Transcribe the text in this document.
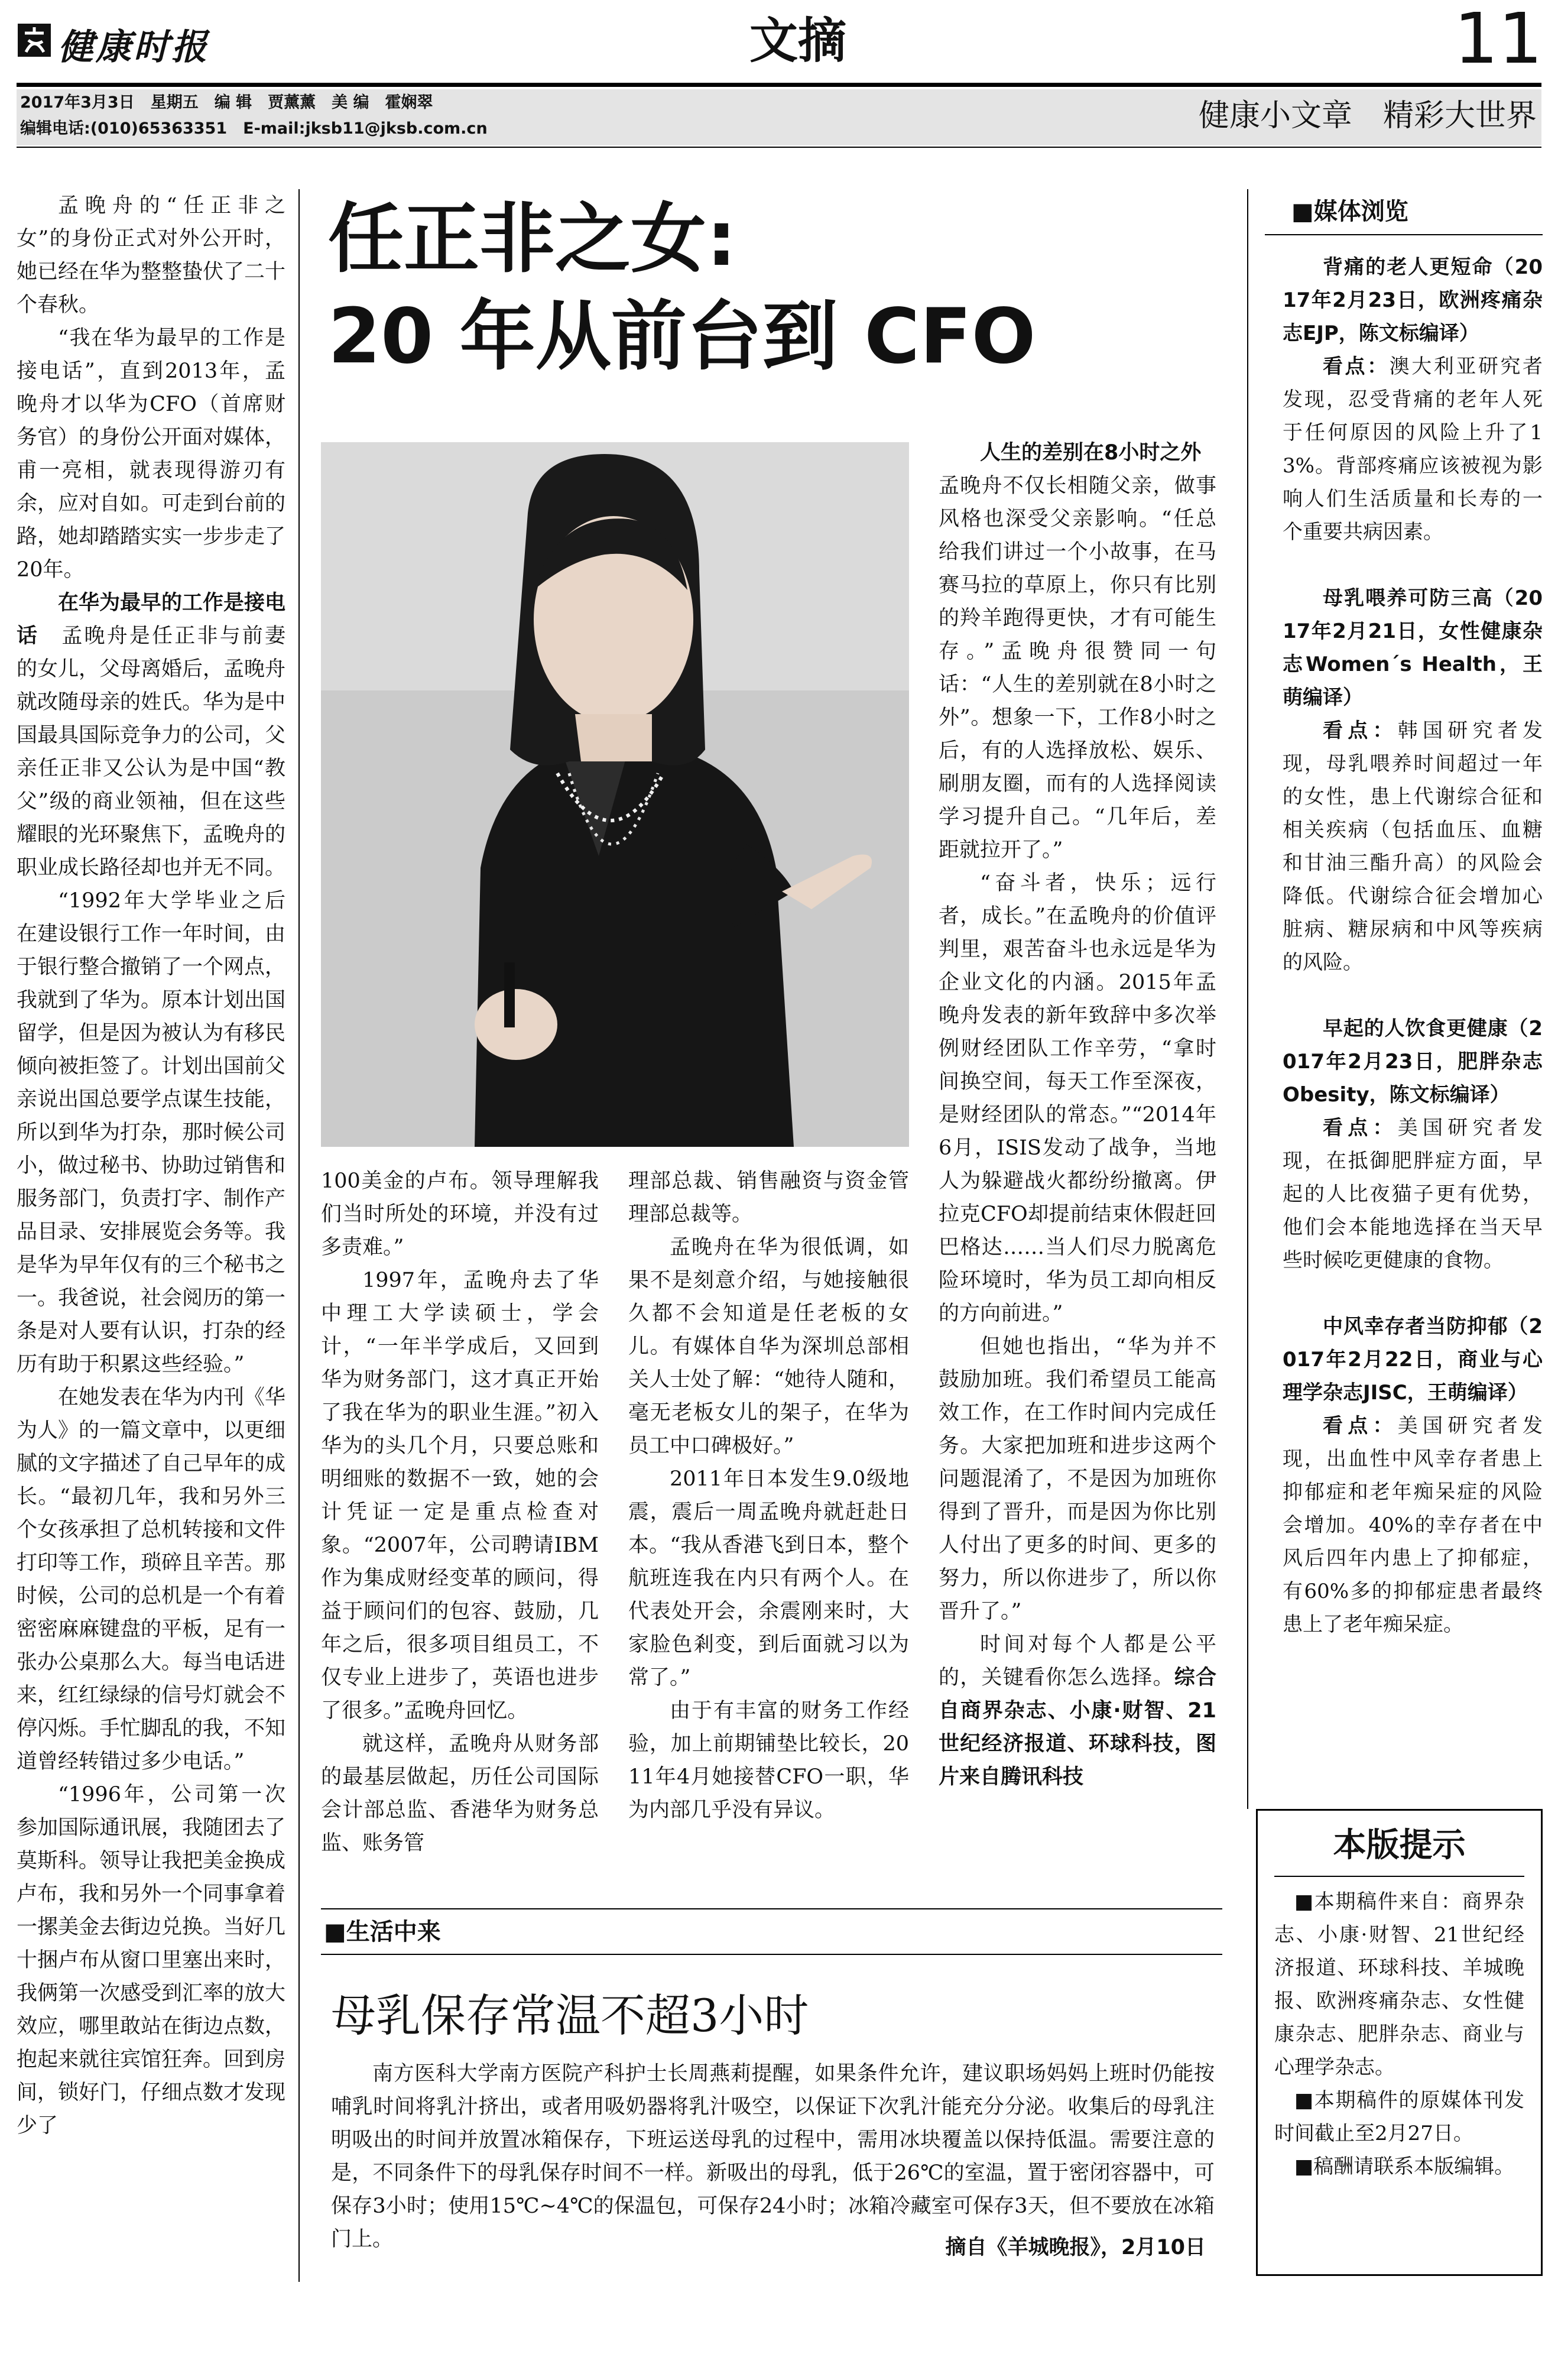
健康时报	文摘	11
2017年3月3日　星期五　编 辑　贾薰薰　美 编　霍娴翠
编辑电话:(010)65363351　E-mail:jksb11@jksb.com.cn	健康小文章　精彩大世界
任正非之女:
20 年从前台到 CFO

孟晚舟的“任正非之女”的身份正式对外公开时，她已经在华为整整蛰伏了二十个春秋。

“我在华为最早的工作是接电话”，直到2013年，孟晚舟才以华为CFO（首席财务官）的身份公开面对媒体，甫一亮相，就表现得游刃有余，应对自如。可走到台前的路，她却踏踏实实一步步走了20年。

在华为最早的工作是接电话　孟晚舟是任正非与前妻的女儿，父母离婚后，孟晚舟就改随母亲的姓氏。华为是中国最具国际竞争力的公司，父亲任正非又公认为是中国“教父”级的商业领袖，但在这些耀眼的光环聚焦下，孟晚舟的职业成长路径却也并无不同。

“1992年大学毕业之后在建设银行工作一年时间，由于银行整合撤销了一个网点，我就到了华为。原本计划出国留学，但是因为被认为有移民倾向被拒签了。计划出国前父亲说出国总要学点谋生技能，所以到华为打杂，那时候公司小，做过秘书、协助过销售和服务部门，负责打字、制作产品目录、安排展览会务等。我是华为早年仅有的三个秘书之一。我爸说，社会阅历的第一条是对人要有认识，打杂的经历有助于积累这些经验。”

在她发表在华为内刊《华为人》的一篇文章中，以更细腻的文字描述了自己早年的成长。“最初几年，我和另外三个女孩承担了总机转接和文件打印等工作，琐碎且辛苦。那时候，公司的总机是一个有着密密麻麻键盘的平板，足有一张办公桌那么大。每当电话进来，红红绿绿的信号灯就会不停闪烁。手忙脚乱的我，不知道曾经转错过多少电话。”

“1996年，公司第一次参加国际通讯展，我随团去了莫斯科。领导让我把美金换成卢布，我和另外一个同事拿着一摞美金去街边兑换。当好几十捆卢布从窗口里塞出来时，我俩第一次感受到汇率的放大效应，哪里敢站在街边点数，抱起来就往宾馆狂奔。回到房间，锁好门，仔细点数才发现少了

100美金的卢布。领导理解我们当时所处的环境，并没有过多责难。”

1997年，孟晚舟去了华中理工大学读硕士，学会计，“一年半学成后，又回到华为财务部门，这才真正开始了我在华为的职业生涯。”初入华为的头几个月，只要总账和明细账的数据不一致，她的会计凭证一定是重点检查对象。“2007年，公司聘请IBM作为集成财经变革的顾问，得益于顾问们的包容、鼓励，几年之后，很多项目组员工，不仅专业上进步了，英语也进步了很多。”孟晚舟回忆。

就这样，孟晚舟从财务部的最基层做起，历任公司国际会计部总监、香港华为财务总监、账务管

理部总裁、销售融资与资金管理部总裁等。

孟晚舟在华为很低调，如果不是刻意介绍，与她接触很久都不会知道是任老板的女儿。有媒体自华为深圳总部相关人士处了解：“她待人随和，毫无老板女儿的架子，在华为员工中口碑极好。”

2011年日本发生9.0级地震，震后一周孟晚舟就赶赴日本。“我从香港飞到日本，整个航班连我在内只有两个人。在代表处开会，余震刚来时，大家脸色剎变，到后面就习以为常了。”

由于有丰富的财务工作经验，加上前期铺垫比较长，2011年4月她接替CFO一职，华为内部几乎没有异议。

人生的差别在8小时之外　孟晚舟不仅长相随父亲，做事风格也深受父亲影响。“任总给我们讲过一个小故事，在马赛马拉的草原上，你只有比别的羚羊跑得更快，才有可能生存。”孟晚舟很赞同一句话：“人生的差别就在8小时之外”。想象一下，工作8小时之后，有的人选择放松、娱乐、刷朋友圈，而有的人选择阅读学习提升自己。“几年后，差距就拉开了。”

“奋斗者，快乐；远行者，成长。”在孟晚舟的价值评判里，艰苦奋斗也永远是华为企业文化的内涵。2015年孟晚舟发表的新年致辞中多次举例财经团队工作辛劳，“拿时间换空间，每天工作至深夜，是财经团队的常态。”“2014年6月，ISIS发动了战争，当地人为躲避战火都纷纷撤离。伊拉克CFO却提前结束休假赶回巴格达……当人们尽力脱离危险环境时，华为员工却向相反的方向前进。”

但她也指出，“华为并不鼓励加班。我们希望员工能高效工作，在工作时间内完成任务。大家把加班和进步这两个问题混淆了，不是因为加班你得到了晋升，而是因为你比别人付出了更多的时间、更多的努力，所以你进步了，所以你晋升了。”

时间对每个人都是公平的，关键看你怎么选择。综合自商界杂志、小康·财智、21世纪经济报道、环球科技，图片来自腾讯科技

■生活中来
母乳保存常温不超3小时

南方医科大学南方医院产科护士长周燕莉提醒，如果条件允许，建议职场妈妈上班时仍能按哺乳时间将乳汁挤出，或者用吸奶器将乳汁吸空，以保证下次乳汁能充分分泌。收集后的母乳注明吸出的时间并放置冰箱保存，下班运送母乳的过程中，需用冰块覆盖以保持低温。需要注意的是，不同条件下的母乳保存时间不一样。新吸出的母乳，低于26℃的室温，置于密闭容器中，可保存3小时；使用15℃~4℃的保温包，可保存24小时；冰箱冷藏室可保存3天，但不要放在冰箱门上。	摘自《羊城晚报》，2月10日
■媒体浏览
背痛的老人更短命（2017年2月23日，欧洲疼痛杂志EJP，陈文标编译）
看点：澳大利亚研究者发现，忍受背痛的老年人死于任何原因的风险上升了13%。背部疼痛应该被视为影响人们生活质量和长寿的一个重要共病因素。
母乳喂养可防三高（2017年2月21日，女性健康杂志Women´s Health，王萌编译）
看点：韩国研究者发现，母乳喂养时间超过一年的女性，患上代谢综合征和相关疾病（包括血压、血糖和甘油三酯升高）的风险会降低。代谢综合征会增加心脏病、糖尿病和中风等疾病的风险。
早起的人饮食更健康（2017年2月23日，肥胖杂志Obesity，陈文标编译）
看点：美国研究者发现，在抵御肥胖症方面，早起的人比夜猫子更有优势，他们会本能地选择在当天早些时候吃更健康的食物。
中风幸存者当防抑郁（2017年2月22日，商业与心理学杂志JISC，王萌编译）
看点：美国研究者发现，出血性中风幸存者患上抑郁症和老年痴呆症的风险会增加。40%的幸存者在中风后四年内患上了抑郁症，有60%多的抑郁症患者最终患上了老年痴呆症。
本版提示
■本期稿件来自：商界杂志、小康·财智、21世纪经济报道、环球科技、羊城晚报、欧洲疼痛杂志、女性健康杂志、肥胖杂志、商业与心理学杂志。
■本期稿件的原媒体刊发时间截止至2月27日。
■稿酬请联系本版编辑。
